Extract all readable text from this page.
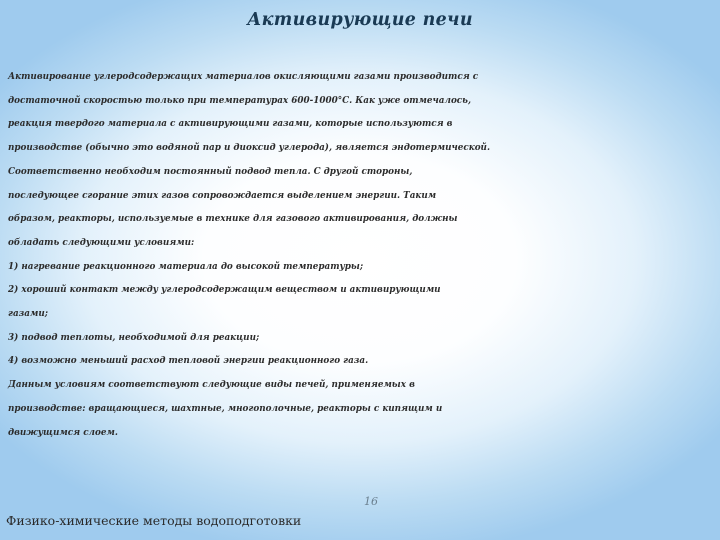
Активирующие печи
Активирование углеродсодержащих материалов окисляющими газами производится с
достаточной скоростью только при температурах 600-1000°С. Как уже отмечалось,
реакция твердого материала с активирующими газами, которые используются в
производстве (обычно это водяной пар и диоксид углерода), является эндотермической.
Соответственно необходим постоянный подвод тепла. С другой стороны,
последующее сгорание этих газов сопровождается выделением энергии. Таким
образом, реакторы, используемые в технике для газового активирования, должны
обладать следующими условиями:
1) нагревание реакционного материала до высокой температуры;
2) хороший контакт между углеродсодержащим веществом и активирующими
газами;
3) подвод теплоты, необходимой для реакции;
4) возможно меньший расход тепловой энергии реакционного газа.
Данным условиям соответствуют следующие виды печей, применяемых в
производстве: вращающиеся, шахтные, многополочные, реакторы с кипящим и
движущимся слоем.
16
Физико-химические методы водоподготовки
